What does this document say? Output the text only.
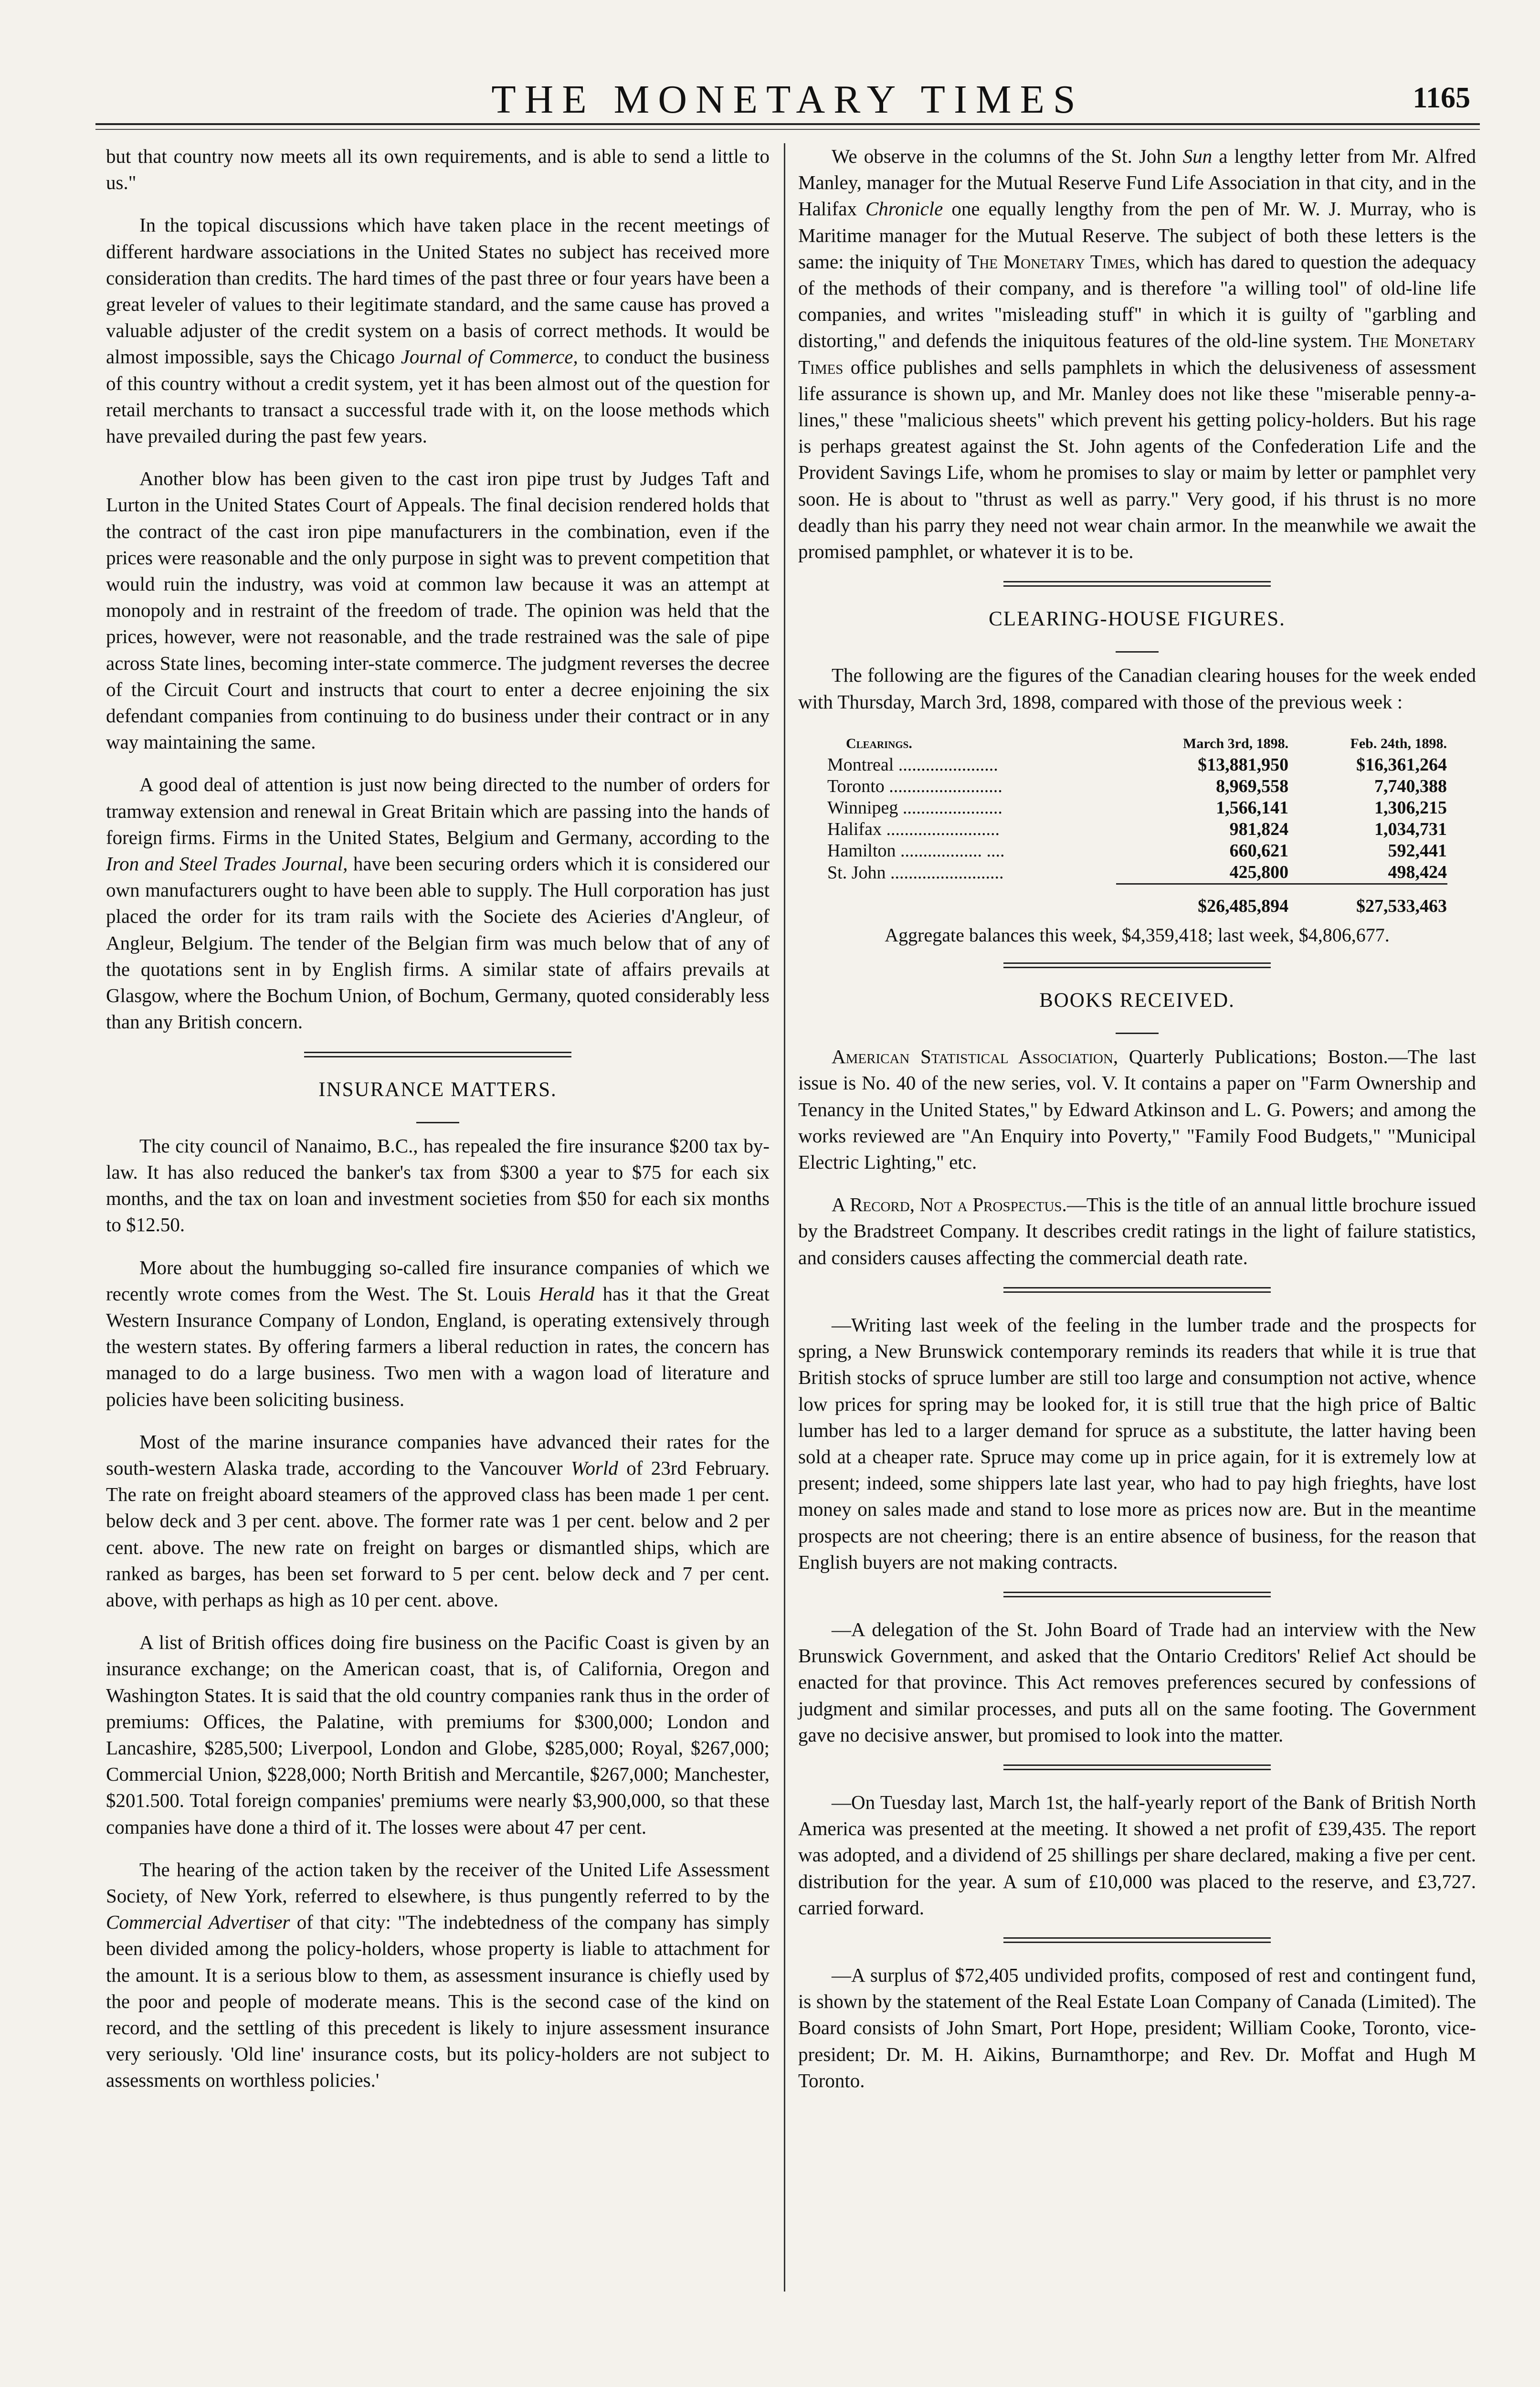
THE MONETARY TIMES	1165

but that country now meets all its own requirements, and is able to send a little to us."

In the topical discussions which have taken place in the recent meetings of different hardware associations in the United States no subject has received more consideration than credits. The hard times of the past three or four years have been a great leveler of values to their legitimate standard, and the same cause has proved a valuable adjuster of the credit system on a basis of correct methods. It would be almost impossible, says the Chicago Journal of Commerce, to conduct the business of this country without a credit system, yet it has been almost out of the question for retail merchants to transact a successful trade with it, on the loose methods which have prevailed during the past few years.

Another blow has been given to the cast iron pipe trust by Judges Taft and Lurton in the United States Court of Appeals. The final decision rendered holds that the contract of the cast iron pipe manufacturers in the combination, even if the prices were reasonable and the only purpose in sight was to prevent competition that would ruin the industry, was void at common law because it was an attempt at monopoly and in restraint of the freedom of trade. The opinion was held that the prices, however, were not reasonable, and the trade restrained was the sale of pipe across State lines, becoming inter-state commerce. The judgment reverses the decree of the Circuit Court and instructs that court to enter a decree enjoining the six defendant companies from continuing to do business under their contract or in any way maintaining the same.

A good deal of attention is just now being directed to the number of orders for tramway extension and renewal in Great Britain which are passing into the hands of foreign firms. Firms in the United States, Belgium and Germany, according to the Iron and Steel Trades Journal, have been securing orders which it is considered our own manufacturers ought to have been able to supply. The Hull corporation has just placed the order for its tram rails with the Societe des Acieries d'Angleur, of Angleur, Belgium. The tender of the Belgian firm was much below that of any of the quotations sent in by English firms. A similar state of affairs prevails at Glasgow, where the Bochum Union, of Bochum, Germany, quoted considerably less than any British concern.

INSURANCE MATTERS.

The city council of Nanaimo, B.C., has repealed the fire insurance $200 tax by-law. It has also reduced the banker's tax from $300 a year to $75 for each six months, and the tax on loan and investment societies from $50 for each six months to $12.50.

More about the humbugging so-called fire insurance companies of which we recently wrote comes from the West. The St. Louis Herald has it that the Great Western Insurance Company of London, England, is operating extensively through the western states. By offering farmers a liberal reduction in rates, the concern has managed to do a large business. Two men with a wagon load of literature and policies have been soliciting business.

Most of the marine insurance companies have advanced their rates for the south-western Alaska trade, according to the Vancouver World of 23rd February. The rate on freight aboard steamers of the approved class has been made 1 per cent. below deck and 3 per cent. above. The former rate was 1 per cent. below and 2 per cent. above. The new rate on freight on barges or dismantled ships, which are ranked as barges, has been set forward to 5 per cent. below deck and 7 per cent. above, with perhaps as high as 10 per cent. above.

A list of British offices doing fire business on the Pacific Coast is given by an insurance exchange; on the American coast, that is, of California, Oregon and Washington States. It is said that the old country companies rank thus in the order of premiums: Offices, the Palatine, with premiums for $300,000; London and Lancashire, $285,500; Liverpool, London and Globe, $285,000; Royal, $267,000; Commercial Union, $228,000; North British and Mercantile, $267,000; Manchester, $201.500. Total foreign companies' premiums were nearly $3,900,000, so that these companies have done a third of it. The losses were about 47 per cent.

The hearing of the action taken by the receiver of the United Life Assessment Society, of New York, referred to elsewhere, is thus pungently referred to by the Commercial Advertiser of that city: "The indebtedness of the company has simply been divided among the policy-holders, whose property is liable to attachment for the amount. It is a serious blow to them, as assessment insurance is chiefly used by the poor and people of moderate means. This is the second case of the kind on record, and the settling of this precedent is likely to injure assessment insurance very seriously. 'Old line' insurance costs, but its policy-holders are not subject to assessments on worthless policies.'

We observe in the columns of the St. John Sun a lengthy letter from Mr. Alfred Manley, manager for the Mutual Reserve Fund Life Association in that city, and in the Halifax Chronicle one equally lengthy from the pen of Mr. W. J. Murray, who is Maritime manager for the Mutual Reserve. The subject of both these letters is the same: the iniquity of The Monetary Times, which has dared to question the adequacy of the methods of their company, and is therefore "a willing tool" of old-line life companies, and writes "misleading stuff" in which it is guilty of "garbling and distorting," and defends the iniquitous features of the old-line system. The Monetary Times office publishes and sells pamphlets in which the delusiveness of assessment life assurance is shown up, and Mr. Manley does not like these "miserable penny-a-lines," these "malicious sheets" which prevent his getting policy-holders. But his rage is perhaps greatest against the St. John agents of the Confederation Life and the Provident Savings Life, whom he promises to slay or maim by letter or pamphlet very soon. He is about to "thrust as well as parry." Very good, if his thrust is no more deadly than his parry they need not wear chain armor. In the meanwhile we await the promised pamphlet, or whatever it is to be.

CLEARING-HOUSE FIGURES.

The following are the figures of the Canadian clearing houses for the week ended with Thursday, March 3rd, 1898, compared with those of the previous week :

Clearings.	March 3rd, 1898.	Feb. 24th, 1898.
Montreal ......................	$13,881,950	$16,361,264
Toronto .........................	8,969,558	7,740,388
Winnipeg ......................	1,566,141	1,306,215
Halifax .........................	981,824	1,034,731
Hamilton .................. ....	660,621	592,441
St. John .........................	425,800	498,424
	$26,485,894	$27,533,463
Aggregate balances this week, $4,359,418; last week, $4,806,677.
BOOKS RECEIVED.

American Statistical Association, Quarterly Publications; Boston.—The last issue is No. 40 of the new series, vol. V. It contains a paper on "Farm Ownership and Tenancy in the United States," by Edward Atkinson and L. G. Powers; and among the works reviewed are "An Enquiry into Poverty," "Family Food Budgets," "Municipal Electric Lighting," etc.

A Record, Not a Prospectus.—This is the title of an annual little brochure issued by the Bradstreet Company. It describes credit ratings in the light of failure statistics, and considers causes affecting the commercial death rate.

—Writing last week of the feeling in the lumber trade and the prospects for spring, a New Brunswick contemporary reminds its readers that while it is true that British stocks of spruce lumber are still too large and consumption not active, whence low prices for spring may be looked for, it is still true that the high price of Baltic lumber has led to a larger demand for spruce as a substitute, the latter having been sold at a cheaper rate. Spruce may come up in price again, for it is extremely low at present; indeed, some shippers late last year, who had to pay high frieghts, have lost money on sales made and stand to lose more as prices now are. But in the meantime prospects are not cheering; there is an entire absence of business, for the reason that English buyers are not making contracts.

—A delegation of the St. John Board of Trade had an interview with the New Brunswick Government, and asked that the Ontario Creditors' Relief Act should be enacted for that province. This Act removes preferences secured by confessions of judgment and similar processes, and puts all on the same footing. The Government gave no decisive answer, but promised to look into the matter.

—On Tuesday last, March 1st, the half-yearly report of the Bank of British North America was presented at the meeting. It showed a net profit of £39,435. The report was adopted, and a dividend of 25 shillings per share declared, making a five per cent. distribution for the year. A sum of £10,000 was placed to the reserve, and £3,727. carried forward.

—A surplus of $72,405 undivided profits, composed of rest and contingent fund, is shown by the statement of the Real Estate Loan Company of Canada (Limited). The Board consists of John Smart, Port Hope, president; William Cooke, Toronto, vice-president; Dr. M. H. Aikins, Burnamthorpe; and Rev. Dr. Moffat and Hugh M Toronto.
